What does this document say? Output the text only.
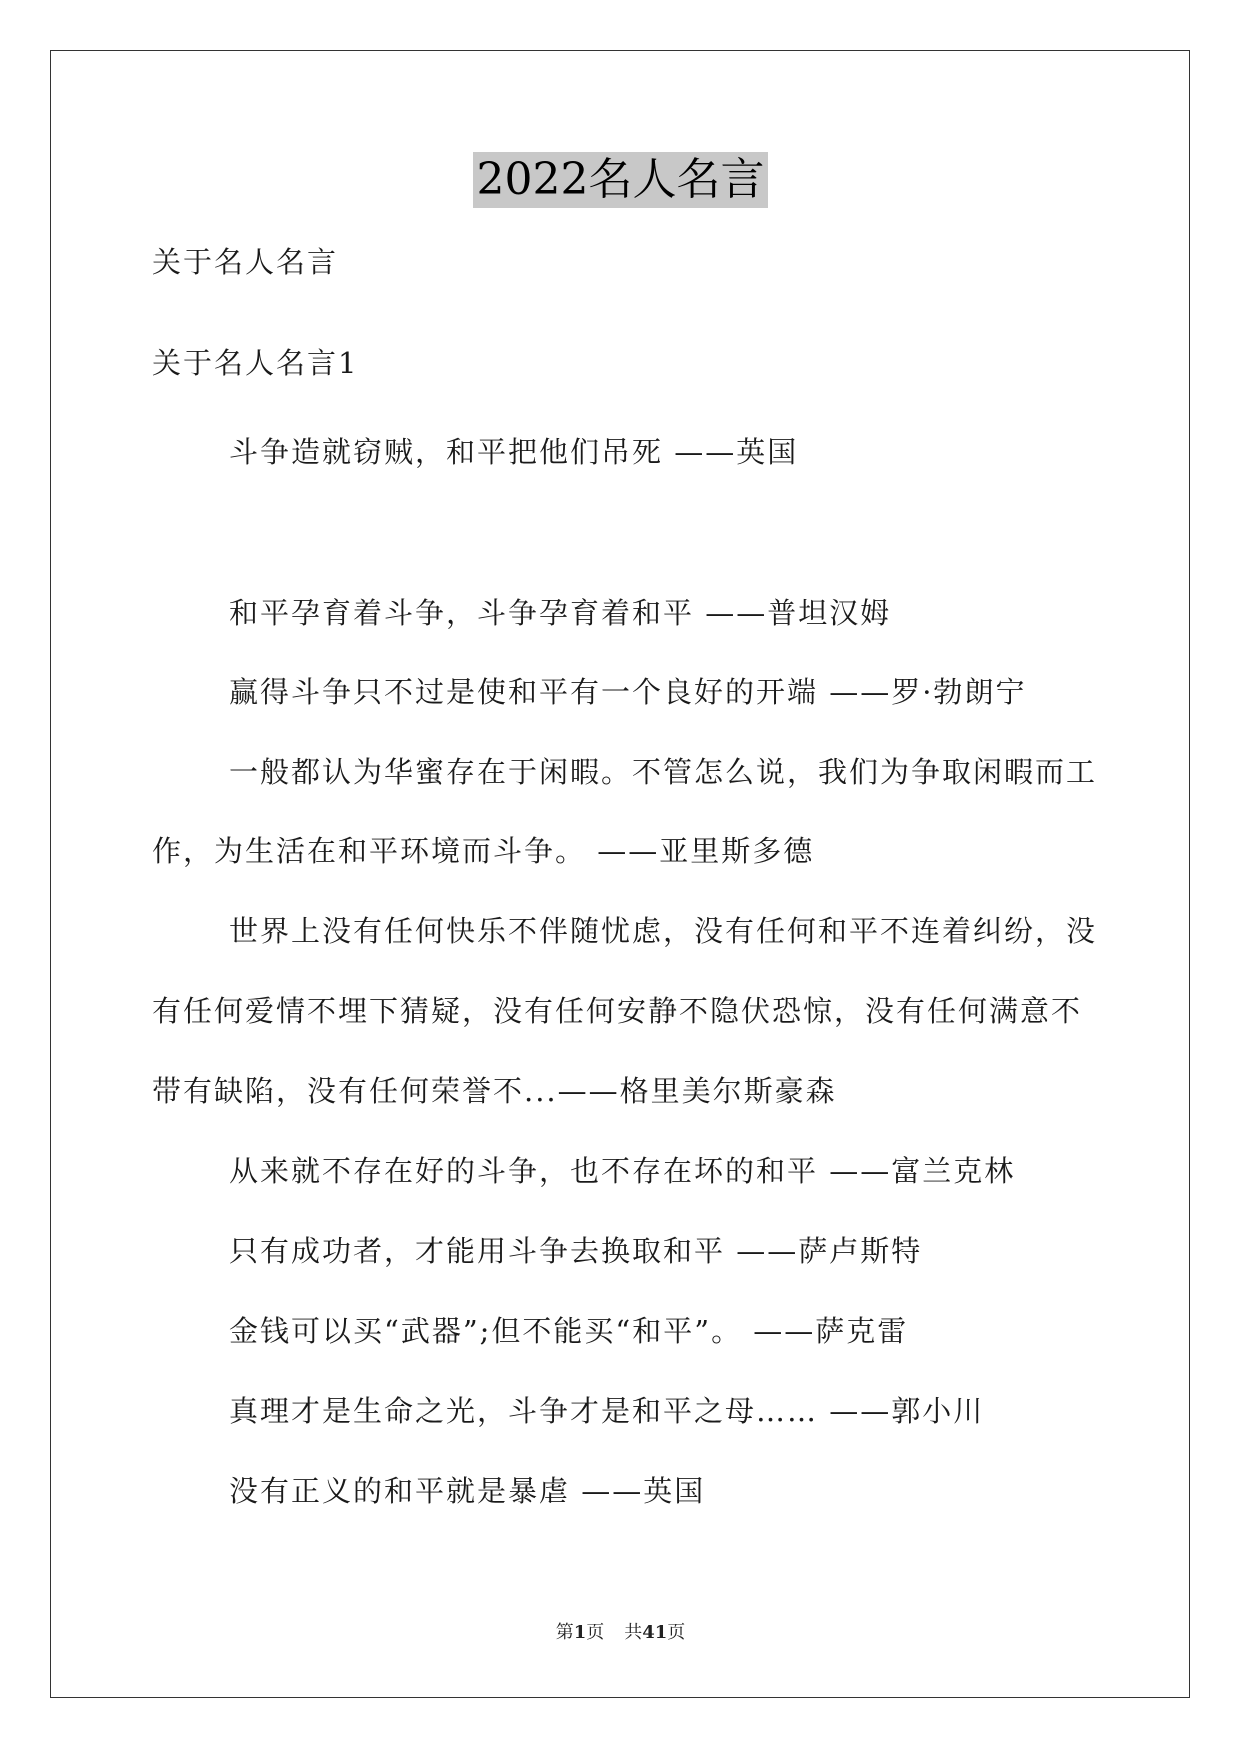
2022名人名言
关于名人名言
关于名人名言1
斗争造就窃贼，和平把他们吊死 ——英国
和平孕育着斗争，斗争孕育着和平 ——普坦汉姆
赢得斗争只不过是使和平有一个良好的开端 ——罗·勃朗宁
一般都认为华蜜存在于闲暇。不管怎么说，我们为争取闲暇而工
作，为生活在和平环境而斗争。 ——亚里斯多德
世界上没有任何快乐不伴随忧虑，没有任何和平不连着纠纷，没
有任何爱情不埋下猜疑，没有任何安静不隐伏恐惊，没有任何满意不
带有缺陷，没有任何荣誉不...——格里美尔斯豪森
从来就不存在好的斗争，也不存在坏的和平 ——富兰克林
只有成功者，才能用斗争去换取和平 ——萨卢斯特
金钱可以买“武器”;但不能买“和平”。 ——萨克雷
真理才是生命之光，斗争才是和平之母…… ——郭小川
没有正义的和平就是暴虐 ——英国
第1页 共41页
